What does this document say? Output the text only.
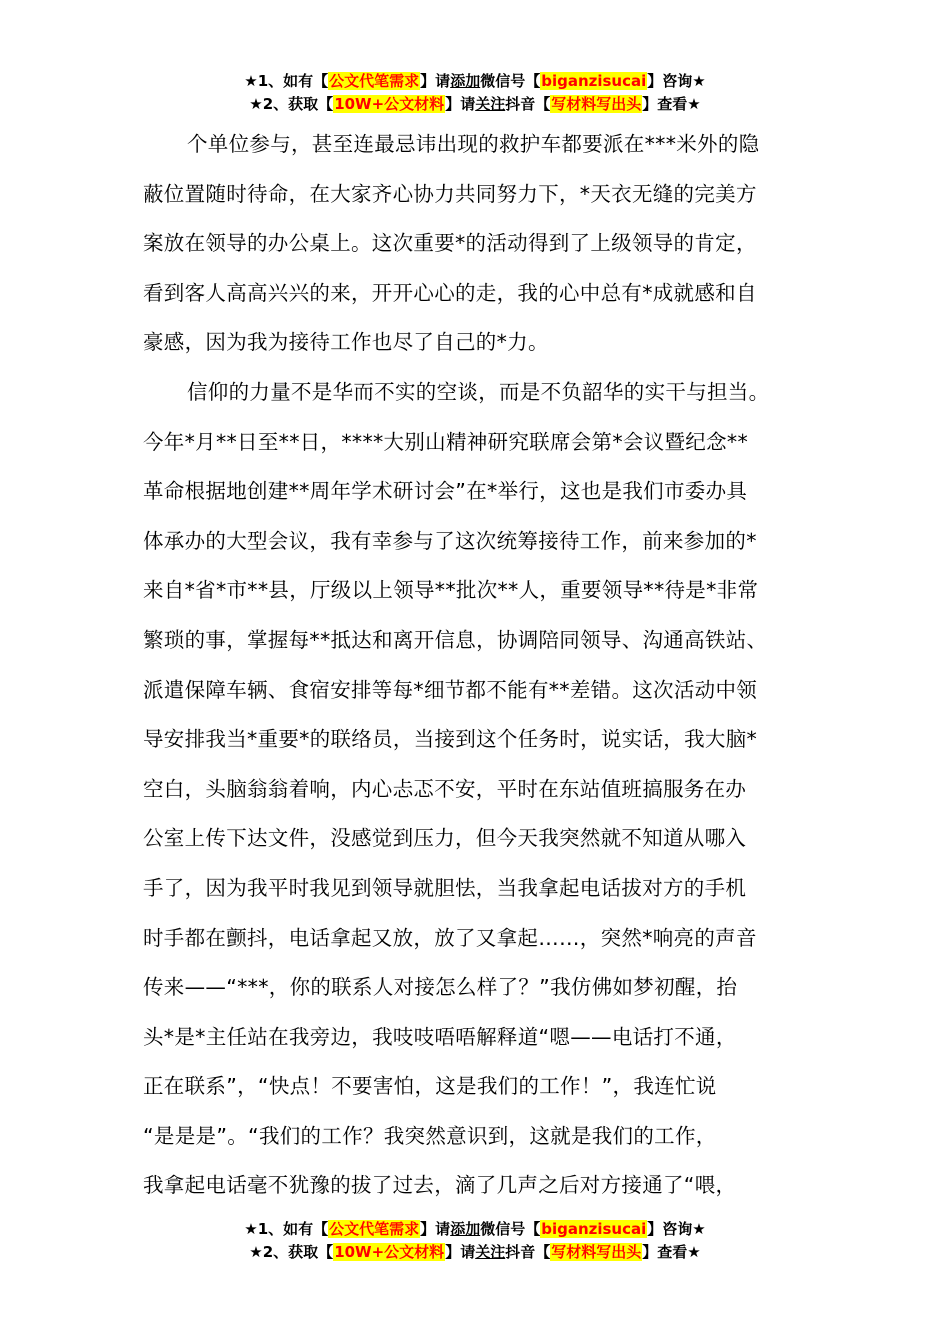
★1、如有【公文代笔需求】请添加微信号【biganzisucai】咨询★
★2、获取【10W+公文材料】请关注抖音【写材料写出头】查看★
个单位参与，甚至连最忌讳出现的救护车都要派在***米外的隐
蔽位置随时待命，在大家齐心协力共同努力下，*天衣无缝的完美方
案放在领导的办公桌上。这次重要*的活动得到了上级领导的肯定，
看到客人高高兴兴的来，开开心心的走，我的心中总有*成就感和自
豪感，因为我为接待工作也尽了自己的*力。
信仰的力量不是华而不实的空谈，而是不负韶华的实干与担当。
今年*月**日至**日，****大别山精神研究联席会第*会议暨纪念**
革命根据地创建**周年学术研讨会”在*举行，这也是我们市委办具
体承办的大型会议，我有幸参与了这次统筹接待工作，前来参加的*
来自*省*市**县，厅级以上领导**批次**人，重要领导**待是*非常
繁琐的事，掌握每**抵达和离开信息，协调陪同领导、沟通高铁站、
派遣保障车辆、食宿安排等每*细节都不能有**差错。这次活动中领
导安排我当*重要*的联络员，当接到这个任务时，说实话，我大脑*
空白，头脑翁翁着响，内心忐忑不安，平时在东站值班搞服务在办
公室上传下达文件，没感觉到压力，但今天我突然就不知道从哪入
手了，因为我平时我见到领导就胆怯，当我拿起电话拔对方的手机
时手都在颤抖，电话拿起又放，放了又拿起……，突然*响亮的声音
传来——“***，你的联系人对接怎么样了？”我仿佛如梦初醒，抬
头*是*主任站在我旁边，我吱吱唔唔解释道“嗯——电话打不通，
正在联系”，“快点！不要害怕，这是我们的工作！”，我连忙说
“是是是”。“我们的工作？我突然意识到，这就是我们的工作，
我拿起电话毫不犹豫的拔了过去，滴了几声之后对方接通了“喂，
★1、如有【公文代笔需求】请添加微信号【biganzisucai】咨询★
★2、获取【10W+公文材料】请关注抖音【写材料写出头】查看★
